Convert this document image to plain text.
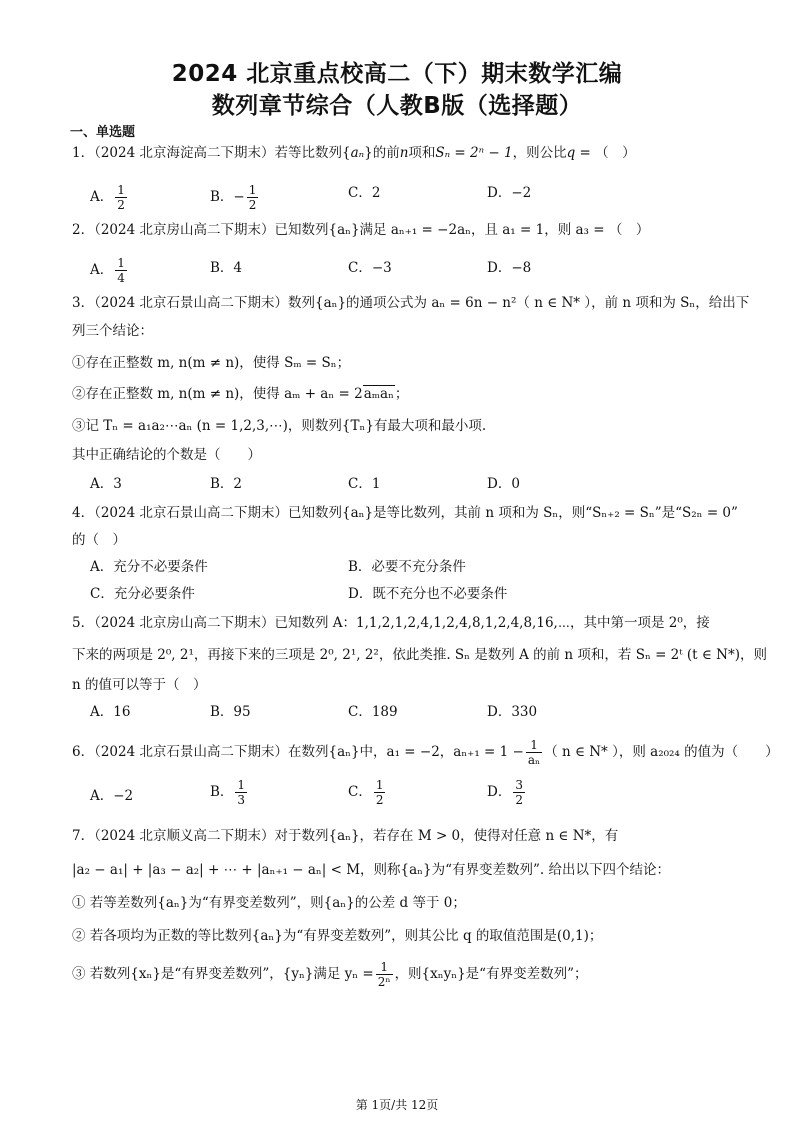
2024 北京重点校高二（下）期末数学汇编
数列章节综合（人教B版（选择题）
一、单选题
1．（2024 北京海淀高二下期末）若等比数列{aₙ}的前n项和Sₙ = 2ⁿ − 1，则公比q = （　）
A． $\frac{1}{2}$	B．− $\frac{1}{2}$	C．2	D．−2
2．（2024 北京房山高二下期末）已知数列{aₙ}满足 aₙ₊₁ = −2aₙ，且 a₁ = 1，则 a₃ = （　）
A． $\frac{1}{4}$	B．4	C．−3	D．−8
3．（2024 北京石景山高二下期末）数列{aₙ}的通项公式为 aₙ = 6n − n²（ n ∈ N* ），前 n 项和为 Sₙ，给出下
列三个结论：
①存在正整数 m, n(m ≠ n)，使得 Sₘ = Sₙ；
②存在正整数 m, n(m ≠ n)，使得 aₘ + aₙ = 2aₘaₙ；
③记 Tₙ = a₁a₂⋯aₙ (n = 1,2,3,⋯)，则数列{Tₙ}有最大项和最小项.
其中正确结论的个数是（　　）
A．3	B．2	C．1	D．0
4．（2024 北京石景山高二下期末）已知数列{aₙ}是等比数列，其前 n 项和为 Sₙ，则“Sₙ₊₂ = Sₙ”是“S₂ₙ = 0”
的（　）
A．充分不必要条件	B．必要不充分条件
C．充分必要条件	D．既不充分也不必要条件
5．（2024 北京房山高二下期末）已知数列 A：1,1,2,1,2,4,1,2,4,8,1,2,4,8,16,⋯，其中第一项是 2⁰，接
下来的两项是 2⁰, 2¹，再接下来的三项是 2⁰, 2¹, 2²，依此类推. Sₙ 是数列 A 的前 n 项和，若 Sₙ = 2ᵗ (t ∈ N*)，则
n 的值可以等于（　）
A．16	B．95	C．189	D．330
6．（2024 北京石景山高二下期末）在数列{aₙ}中，a₁ = −2，$a_{n+1} = 1 - \frac{1}{\text{aₙ}}$ （ n ∈ N* ），则 a₂₀₂₄ 的值为（　　）
A．−2	B． $\frac{1}{3}$	C． $\frac{1}{2}$	D． $\frac{3}{2}$
7．（2024 北京顺义高二下期末）对于数列{aₙ}，若存在 M > 0，使得对任意 n ∈ N*，有
|a₂ − a₁| + |a₃ − a₂| + ⋯ + |aₙ₊₁ − aₙ| < M，则称{aₙ}为“有界变差数列”. 给出以下四个结论：
① 若等差数列{aₙ}为“有界变差数列”，则{aₙ}的公差 d 等于 0；
② 若各项均为正数的等比数列{aₙ}为“有界变差数列”，则其公比 q 的取值范围是(0,1)；
③ 若数列{xₙ}是“有界变差数列”，{yₙ}满足 $y_n = \frac{1}{\text{2ⁿ}}$ ，则{xₙyₙ}是“有界变差数列”；
第 1页/共 12页
